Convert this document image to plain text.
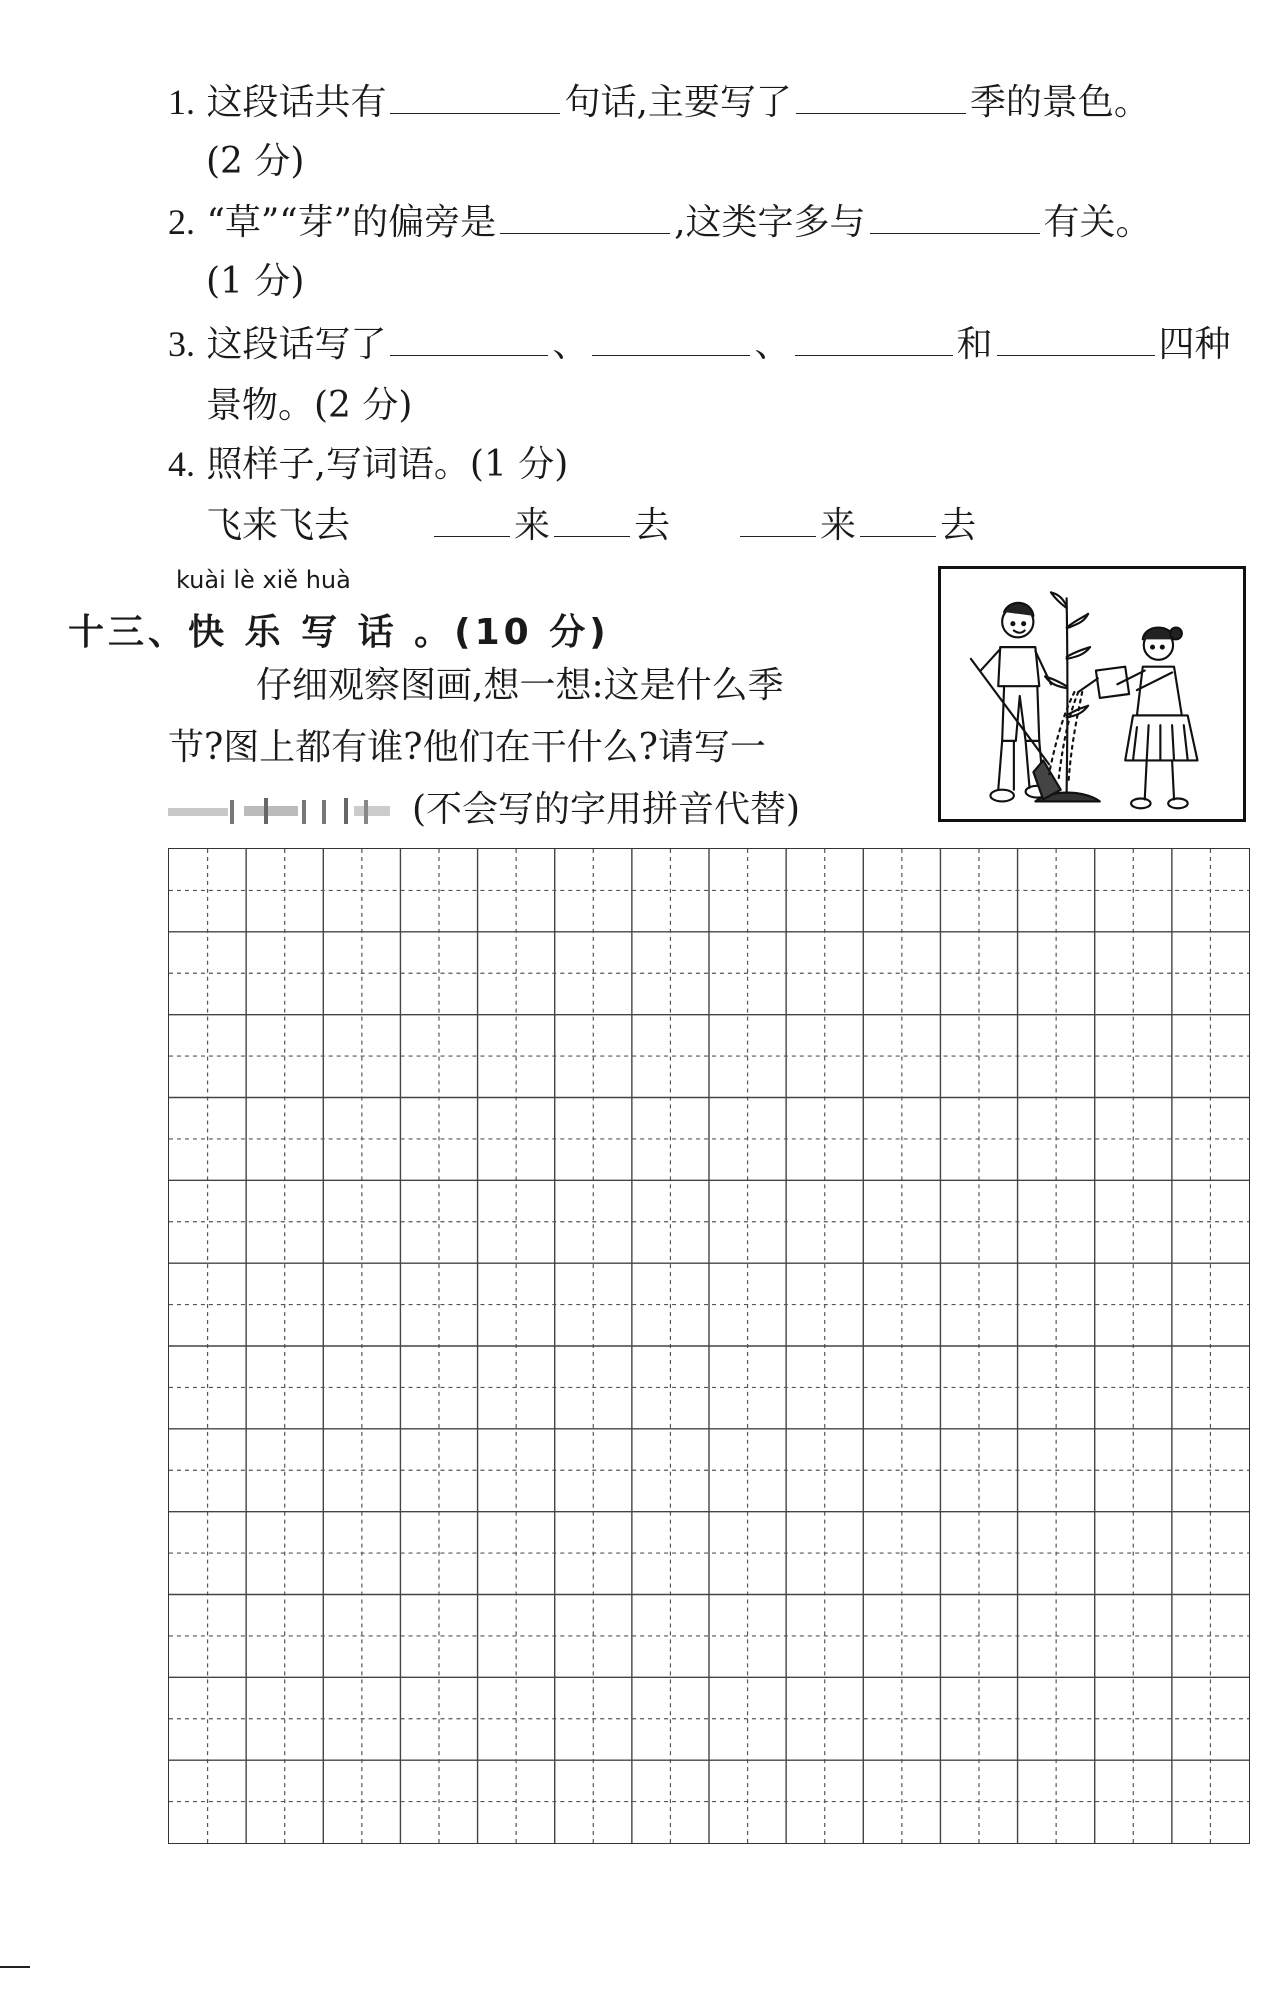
1. 这段话共有	句话,主要写了	季的景色。
(2 分)
2. “草”“芽”的偏旁是	,这类字多与	有关。
(1 分)
3. 这段话写了	、	、	和	四种
景物。(2 分)
4. 照样子,写词语。(1 分)
飞来飞去	来 去	来 去
kuài lè xiě huà
十三、快 乐 写 话 。(10 分)
仔细观察图画,想一想:这是什么季
节?图上都有谁?他们在干什么?请写一
(不会写的字用拼音代替)
